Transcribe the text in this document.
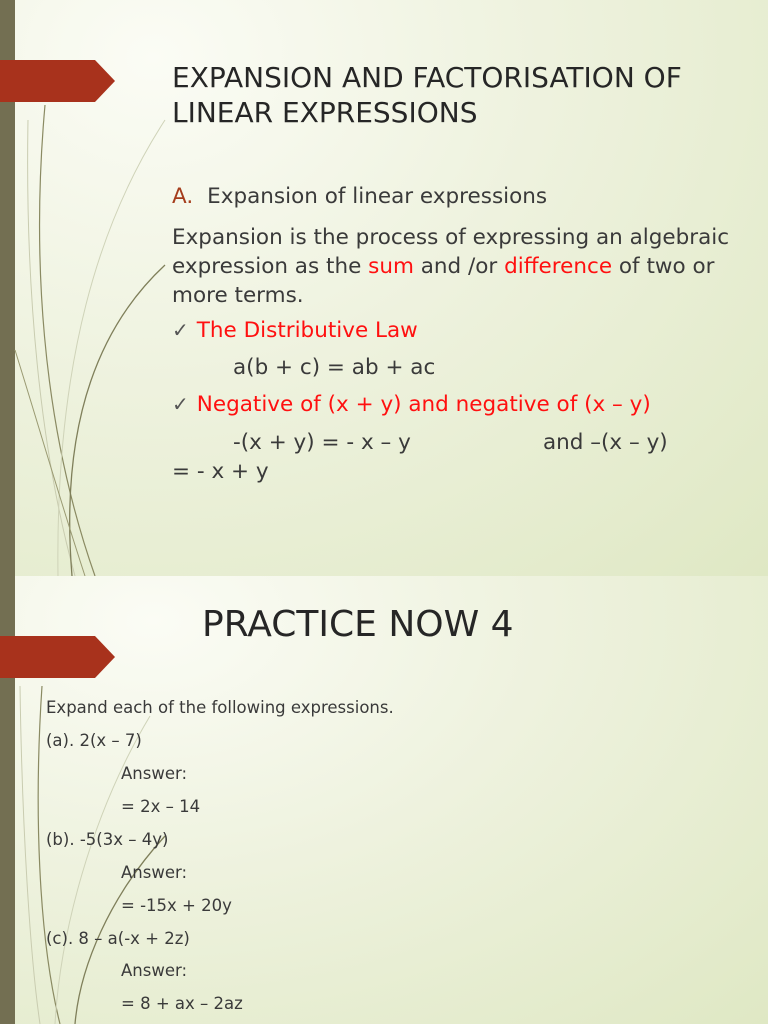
EXPANSION AND FACTORISATION OF LINEAR EXPRESSIONS
A. Expansion of linear expressions

Expansion is the process of expressing an algebraic expression as the sum and /or difference of two or more terms.

✓ The Distributive Law
a(b + c) = ab + ac
✓ Negative of (x + y) and negative of (x – y)
-(x + y) = - x – y	and –(x – y)
= - x + y
PRACTICE NOW 4
Expand each of the following expressions.
(a). 2(x – 7)
Answer:
= 2x – 14
(b). -5(3x – 4y)
Answer:
= -15x + 20y
(c). 8 – a(-x + 2z)
Answer:
= 8 + ax – 2az
